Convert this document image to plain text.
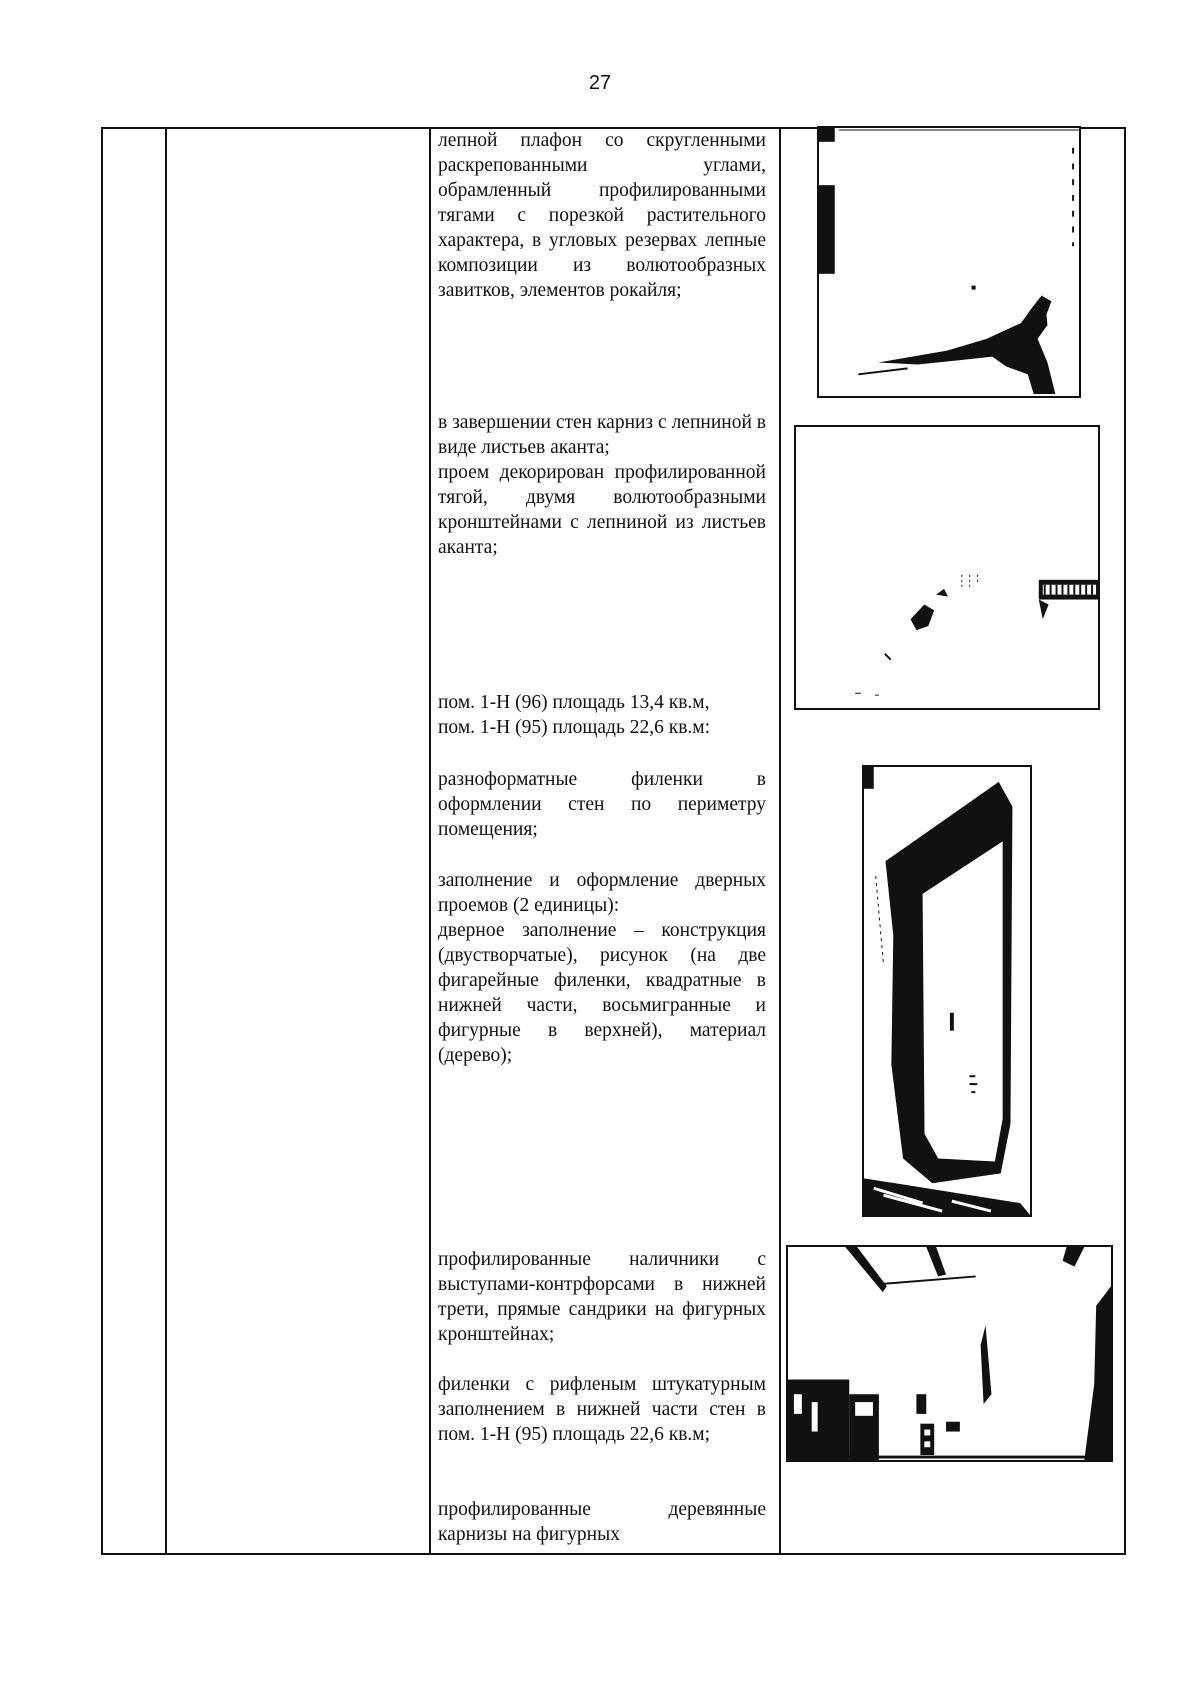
27
лепной плафон со скругленными раскрепованными углами, обрамленный профилированными тягами с порезкой растительного характера, в угловых резервах лепные композиции из волютообразных завитков, элементов рокайля;
в завершении стен карниз с лепниной в виде листьев аканта;
проем декорирован профилированной тягой, двумя волютообразными кронштейнами с лепниной из листьев аканта;
пом. 1-Н (96) площадь 13,4 кв.м,
пом. 1-Н (95) площадь 22,6 кв.м:
разноформатные филенки в оформлении стен по периметру помещения;
заполнение и оформление дверных проемов (2 единицы):
дверное заполнение – конструкция (двустворчатые), рисунок (на две фигарейные филенки, квадратные в нижней части, восьмигранные и фигурные в верхней), материал (дерево);
профилированные наличники с выступами-контрфорсами в нижней трети, прямые сандрики на фигурных кронштейнах;
филенки с рифленым штукатурным заполнением в нижней части стен в пом. 1-Н (95) площадь 22,6 кв.м;
профилированные деревянные карнизы на фигурных
